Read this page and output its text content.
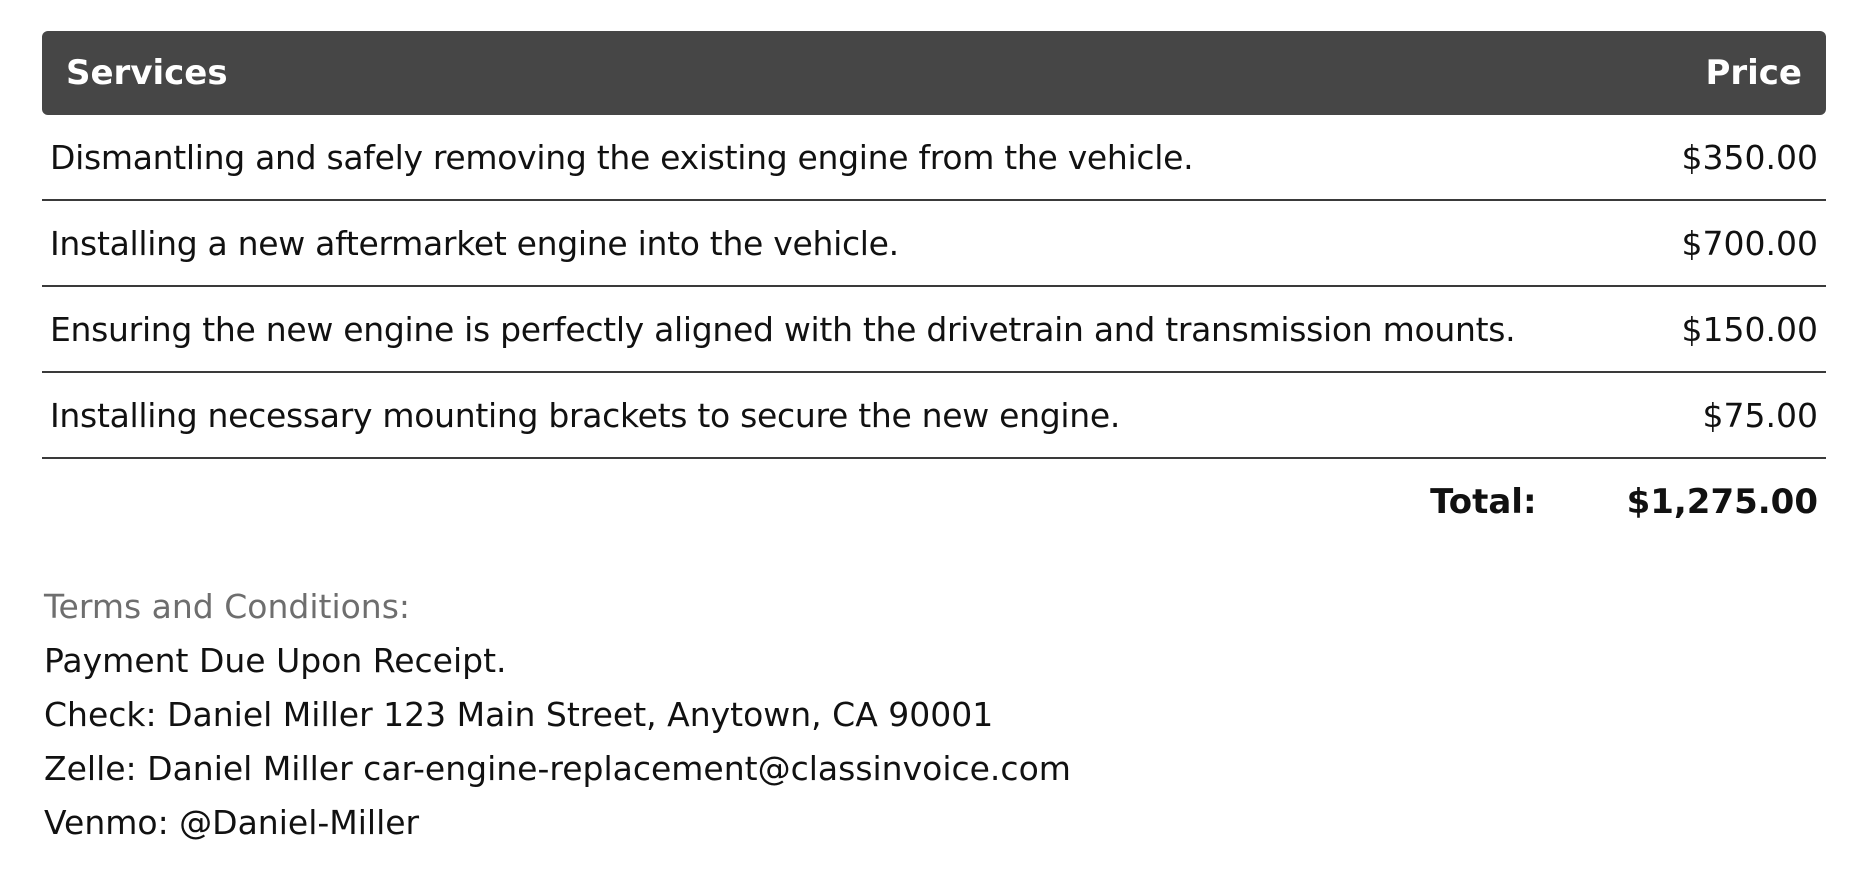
Services	Price
Dismantling and safely removing the existing engine from the vehicle.	$350.00
Installing a new aftermarket engine into the vehicle.	$700.00
Ensuring the new engine is perfectly aligned with the drivetrain and transmission mounts.	$150.00
Installing necessary mounting brackets to secure the new engine.	$75.00
Total:	$1,275.00
Terms and Conditions:
Payment Due Upon Receipt.
Check: Daniel Miller 123 Main Street, Anytown, CA 90001
Zelle: Daniel Miller car-engine-replacement@classinvoice.com
Venmo: @Daniel-Miller
